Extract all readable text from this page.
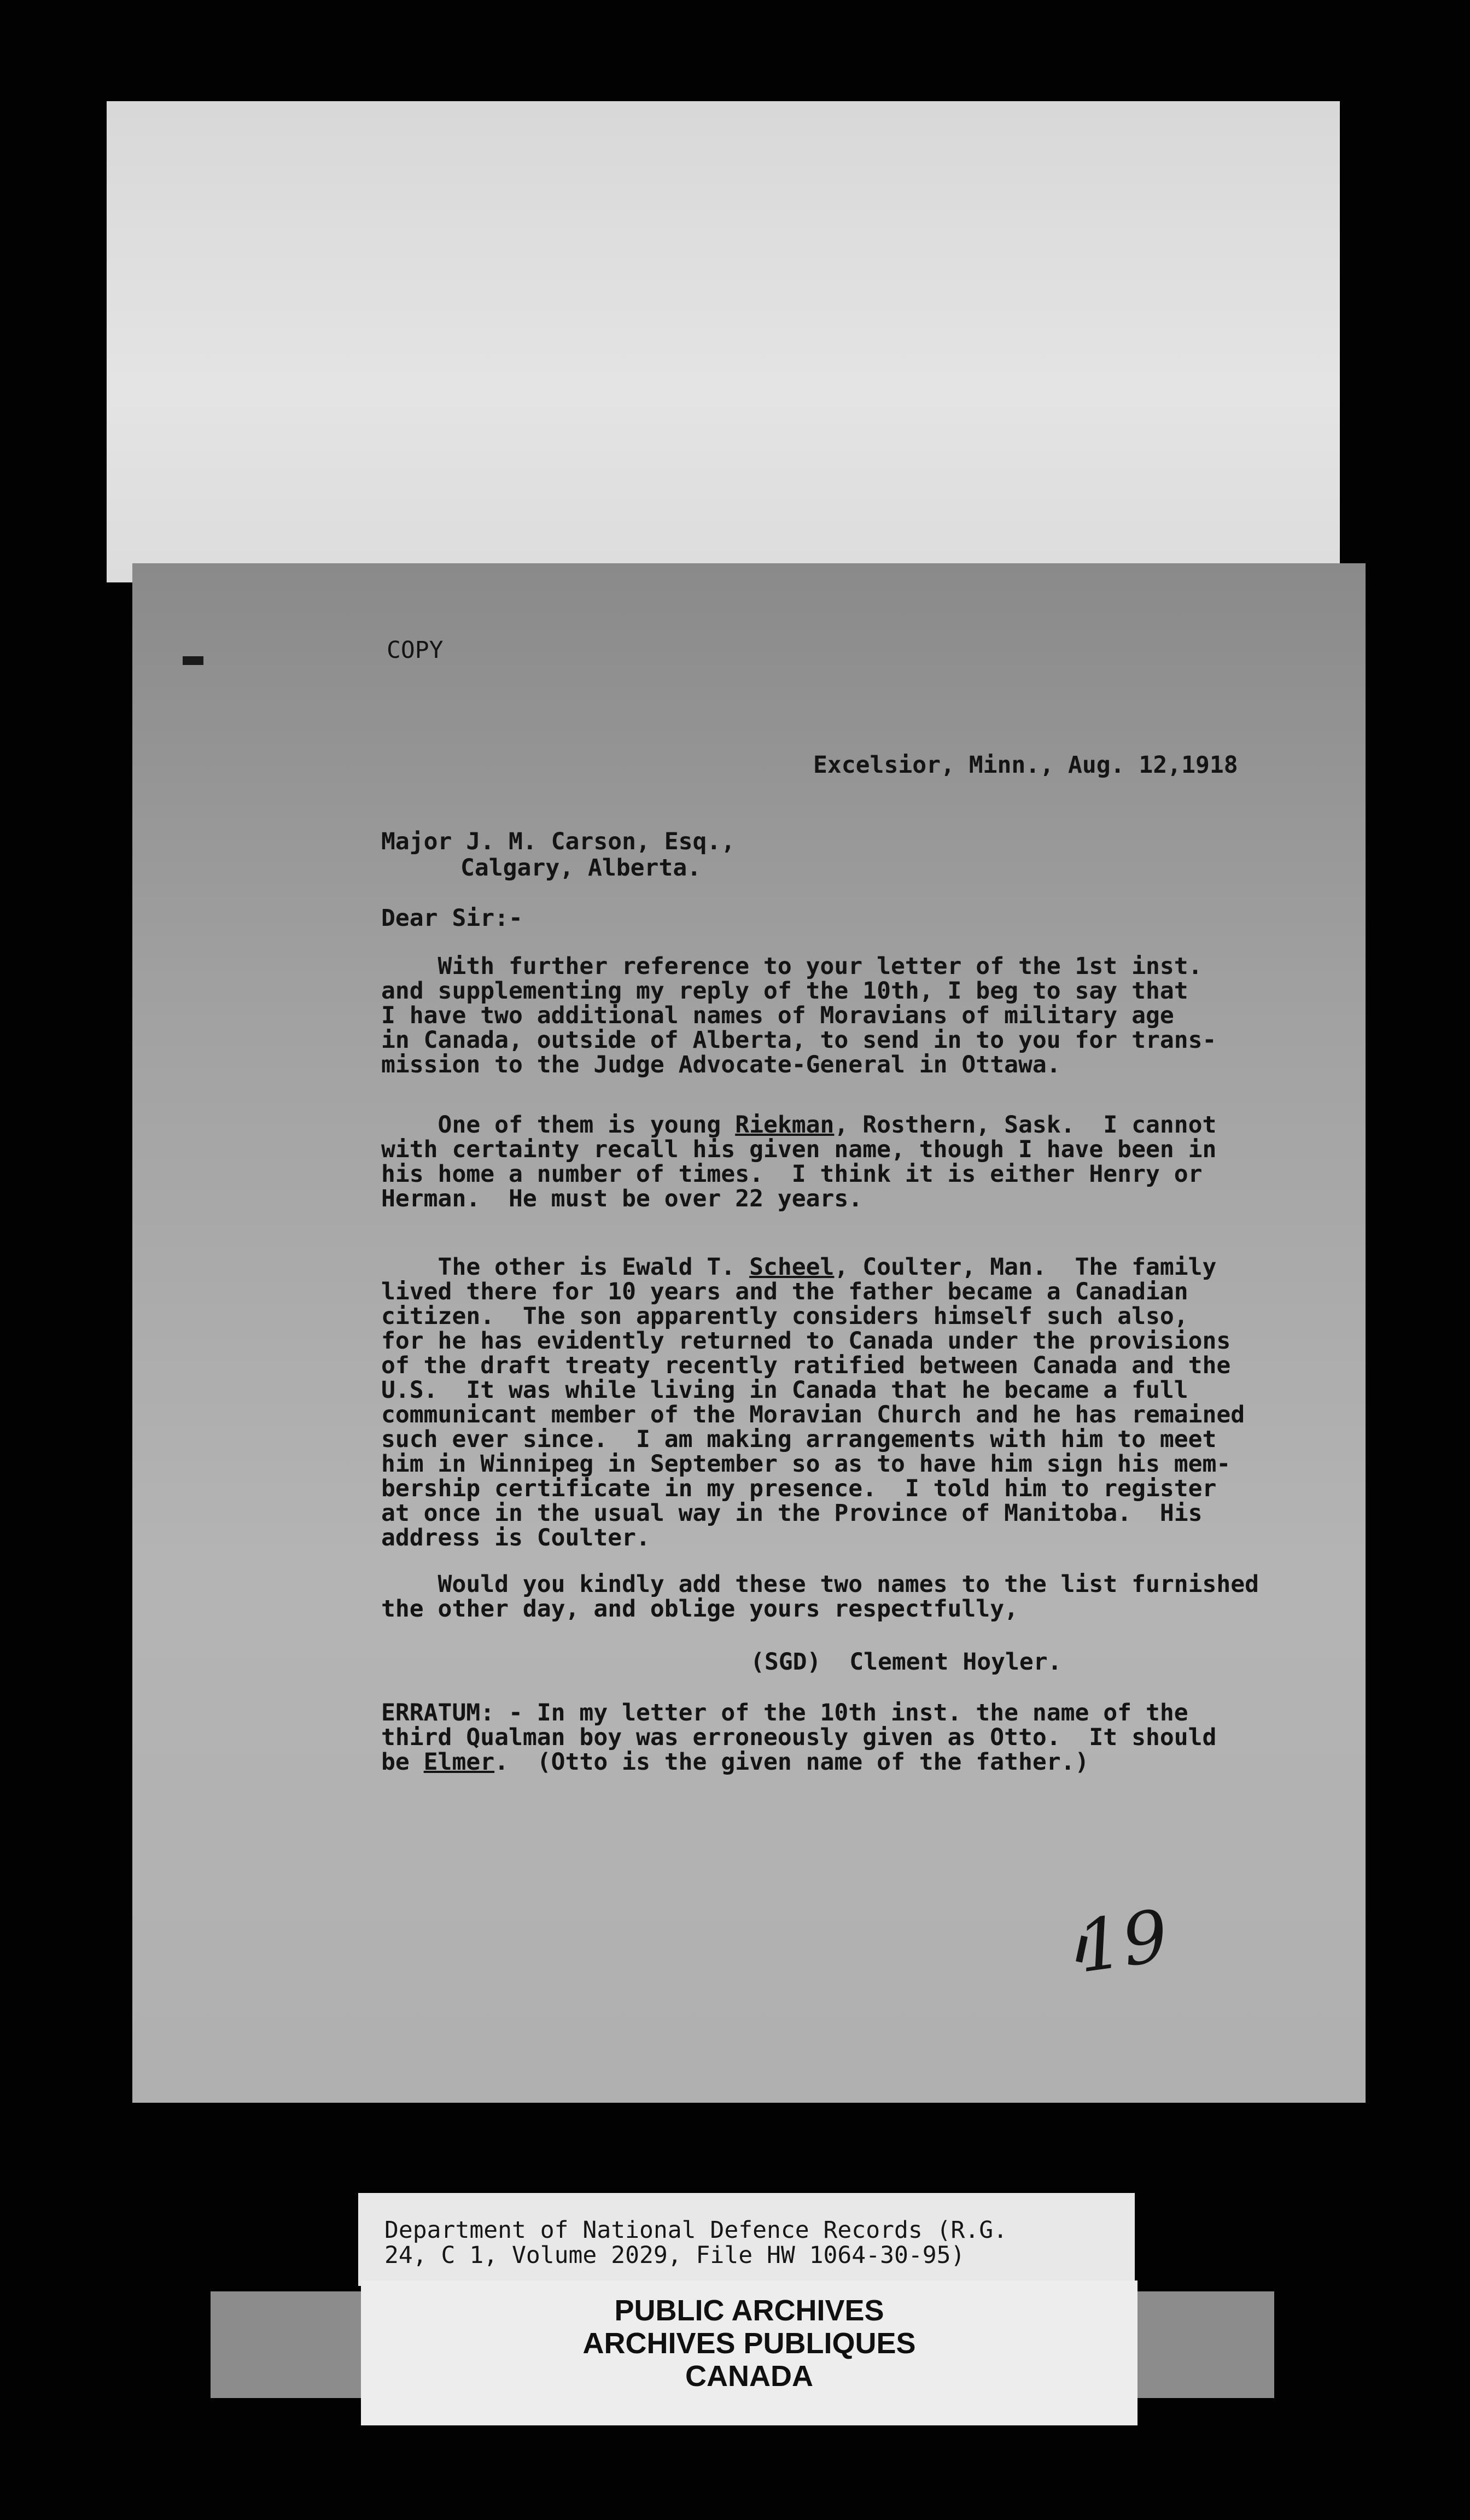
COPY
Excelsior, Minn., Aug. 12,1918
Major J. M. Carson, Esq.,
Calgary, Alberta.
Dear Sir:-
With further reference to your letter of the 1st inst.
and supplementing my reply of the 10th, I beg to say that
I have two additional names of Moravians of military age
in Canada, outside of Alberta, to send in to you for trans-
mission to the Judge Advocate-General in Ottawa.
One of them is young Riekman, Rosthern, Sask.  I cannot
with certainty recall his given name, though I have been in
his home a number of times.  I think it is either Henry or
Herman.  He must be over 22 years.
The other is Ewald T. Scheel, Coulter, Man.  The family
lived there for 10 years and the father became a Canadian
citizen.  The son apparently considers himself such also,
for he has evidently returned to Canada under the provisions
of the draft treaty recently ratified between Canada and the
U.S.  It was while living in Canada that he became a full
communicant member of the Moravian Church and he has remained
such ever since.  I am making arrangements with him to meet
him in Winnipeg in September so as to have him sign his mem-
bership certificate in my presence.  I told him to register
at once in the usual way in the Province of Manitoba.  His
address is Coulter.
Would you kindly add these two names to the list furnished
the other day, and oblige yours respectfully,
(SGD)  Clement Hoyler.
ERRATUM: - In my letter of the 10th inst. the name of the
third Qualman boy was erroneously given as Otto.  It should
be Elmer.  (Otto is the given name of the father.)
19
Department of National Defence Records (R.G.
24, C 1, Volume 2029, File HW 1064-30-95)
PUBLIC ARCHIVES
ARCHIVES PUBLIQUES
CANADA
